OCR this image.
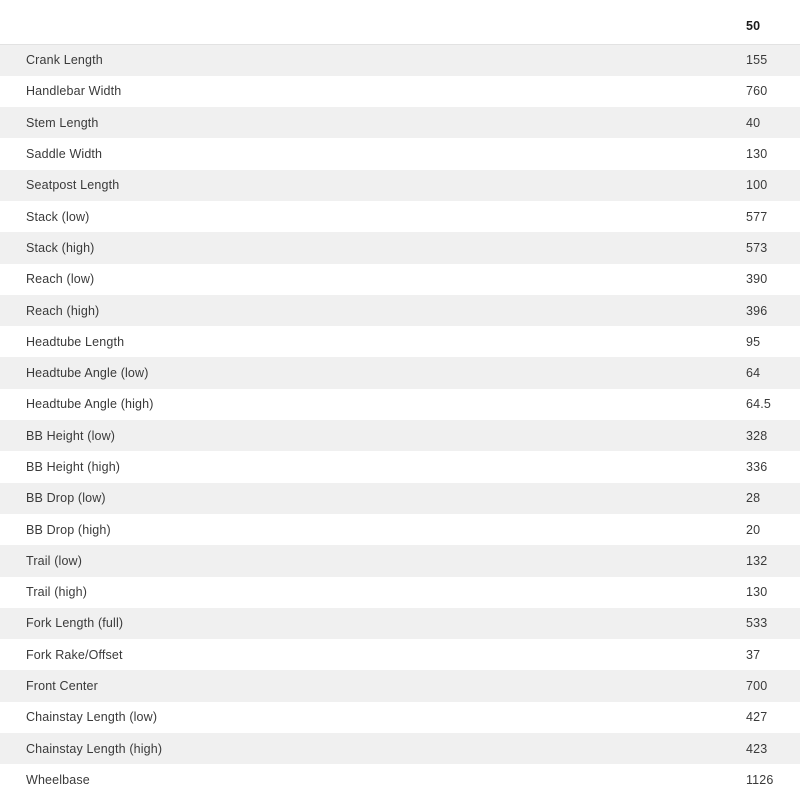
	50
Crank Length	155
Handlebar Width	760
Stem Length	40
Saddle Width	130
Seatpost Length	100
Stack (low)	577
Stack (high)	573
Reach (low)	390
Reach (high)	396
Headtube Length	95
Headtube Angle (low)	64
Headtube Angle (high)	64.5
BB Height (low)	328
BB Height (high)	336
BB Drop (low)	28
BB Drop (high)	20
Trail (low)	132
Trail (high)	130
Fork Length (full)	533
Fork Rake/Offset	37
Front Center	700
Chainstay Length (low)	427
Chainstay Length (high)	423
Wheelbase	1126
